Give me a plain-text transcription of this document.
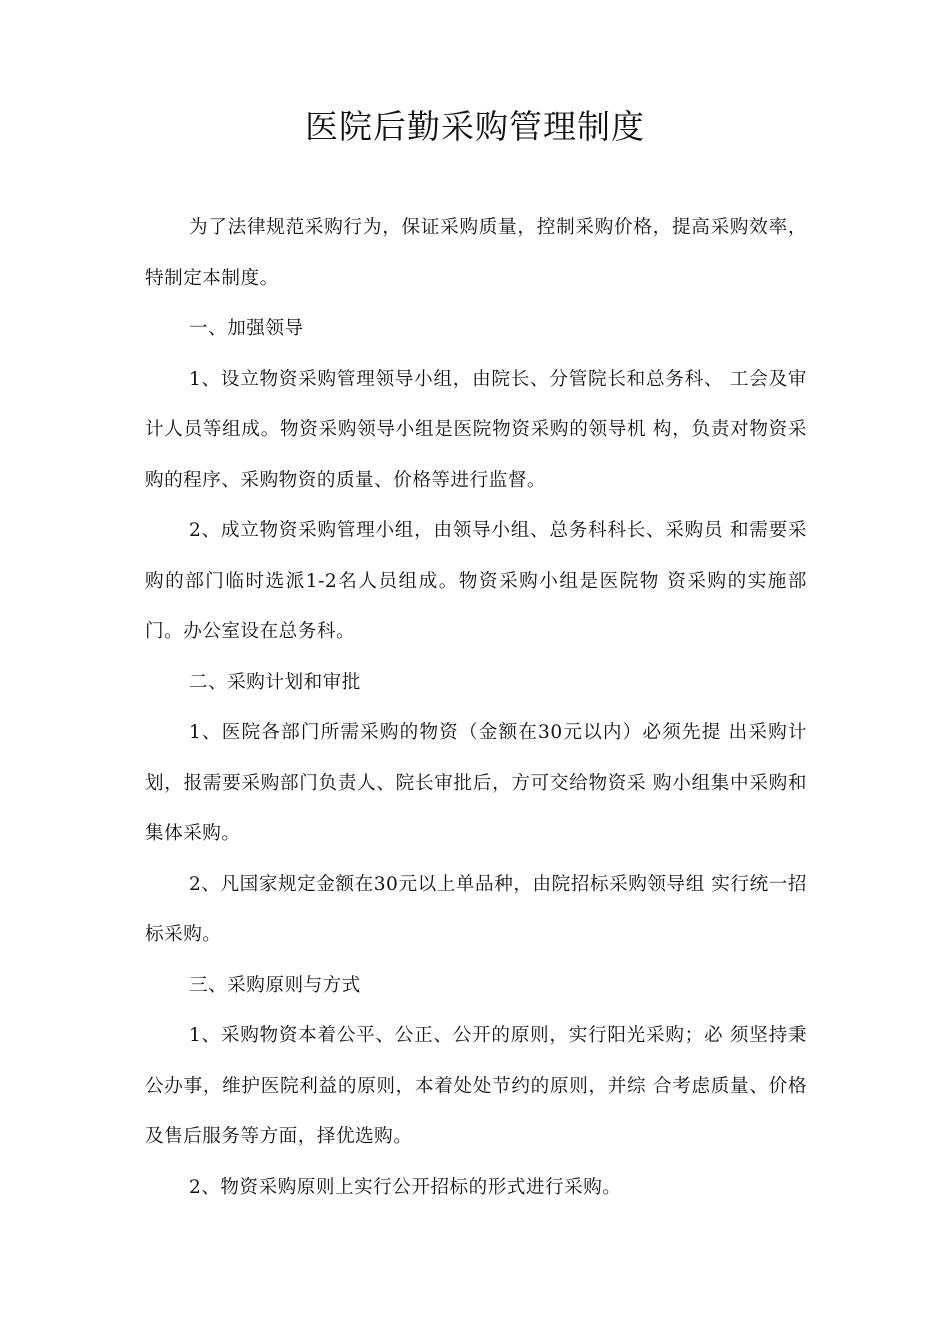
医院后勤采购管理制度

为了法律规范采购行为，保证采购质量，控制采购价格，提高采购效率，特制定本制度。

一、加强领导

1、设立物资采购管理领导小组，由院长、分管院长和总务科、 工会及审计人员等组成。物资采购领导小组是医院物资采购的领导机 构，负责对物资采购的程序、采购物资的质量、价格等进行监督。

2、成立物资采购管理小组，由领导小组、总务科科长、采购员 和需要采购的部门临时选派1-2名人员组成。物资采购小组是医院物 资采购的实施部门。办公室设在总务科。

二、采购计划和审批

1、医院各部门所需采购的物资（金额在30元以内）必须先提 出采购计划，报需要采购部门负责人、院长审批后，方可交给物资采 购小组集中采购和集体采购。

2、凡国家规定金额在30元以上单品种，由院招标采购领导组 实行统一招标采购。

三、采购原则与方式

1、采购物资本着公平、公正、公开的原则，实行阳光采购；必 须坚持秉公办事，维护医院利益的原则，本着处处节约的原则，并综 合考虑质量、价格及售后服务等方面，择优选购。

2、物资采购原则上实行公开招标的形式进行采购。
